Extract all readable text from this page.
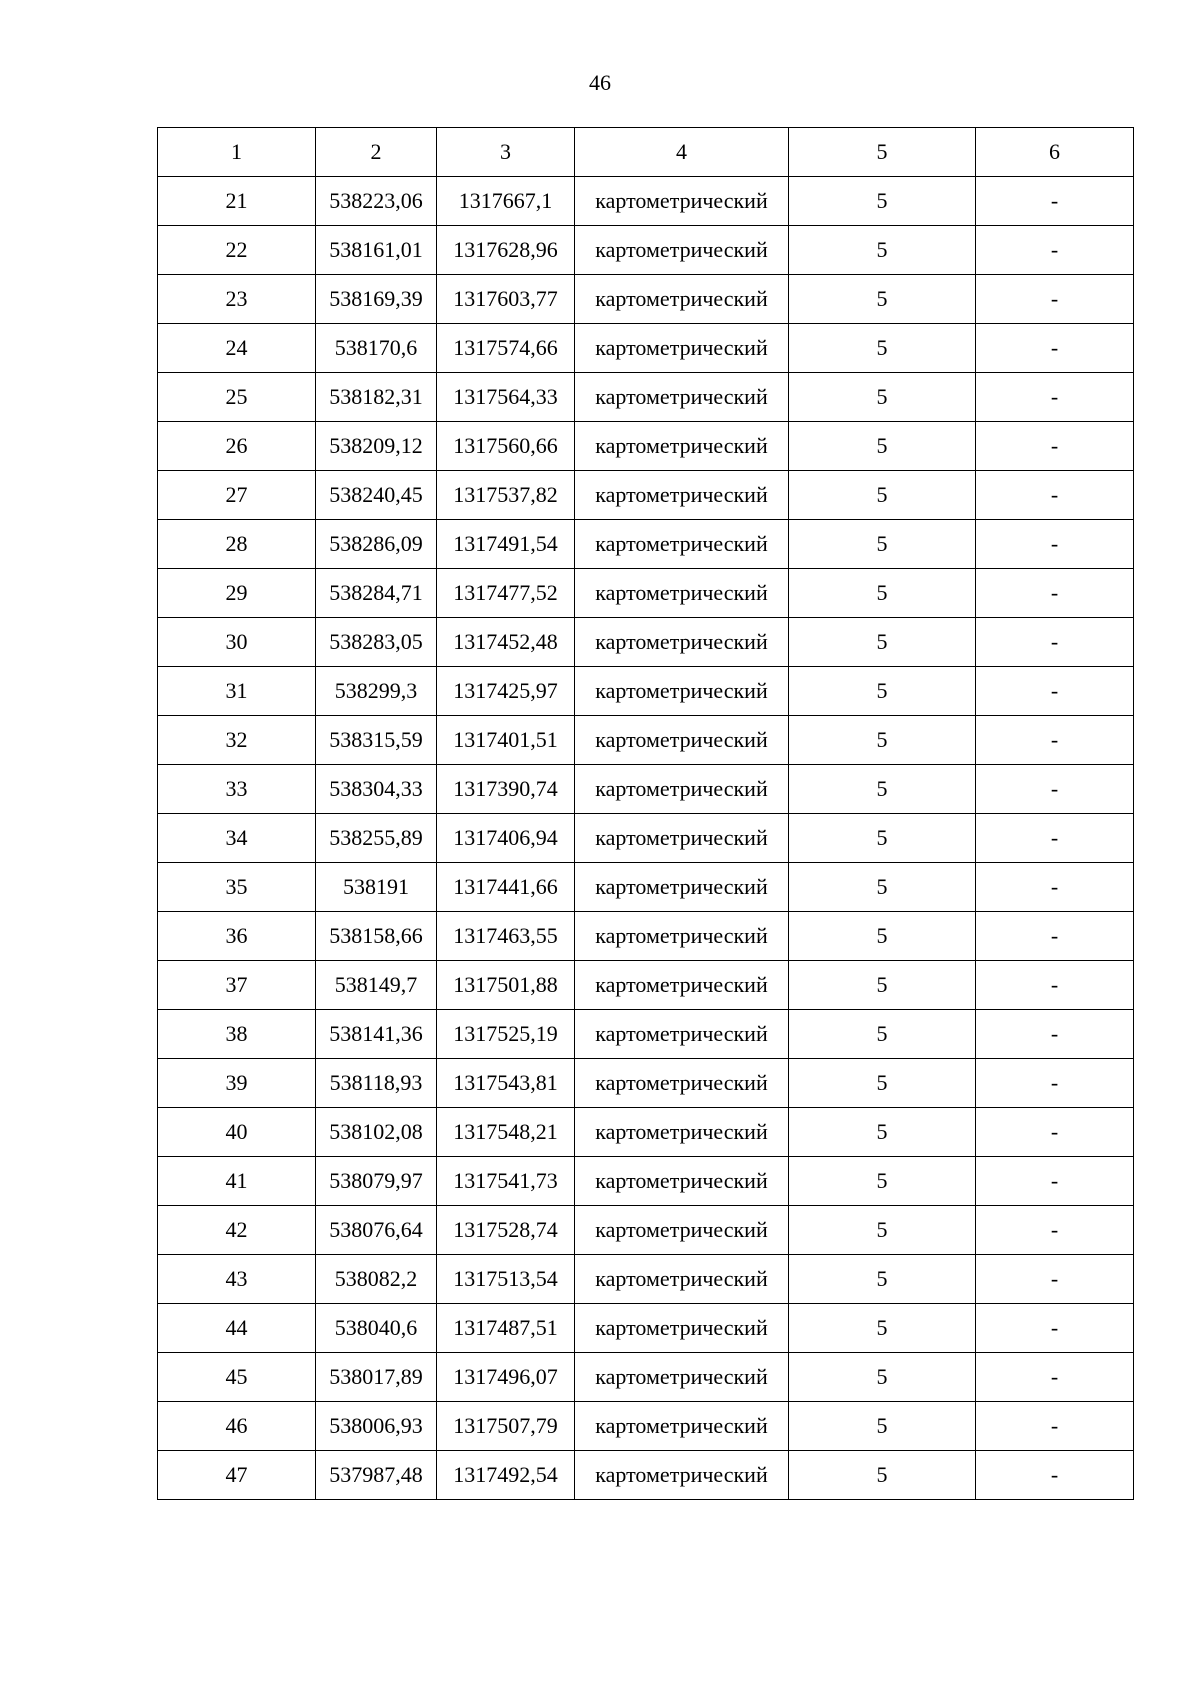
46
1	2	3	4	5	6
21	538223,06	1317667,1	картометрический	5	-
22	538161,01	1317628,96	картометрический	5	-
23	538169,39	1317603,77	картометрический	5	-
24	538170,6	1317574,66	картометрический	5	-
25	538182,31	1317564,33	картометрический	5	-
26	538209,12	1317560,66	картометрический	5	-
27	538240,45	1317537,82	картометрический	5	-
28	538286,09	1317491,54	картометрический	5	-
29	538284,71	1317477,52	картометрический	5	-
30	538283,05	1317452,48	картометрический	5	-
31	538299,3	1317425,97	картометрический	5	-
32	538315,59	1317401,51	картометрический	5	-
33	538304,33	1317390,74	картометрический	5	-
34	538255,89	1317406,94	картометрический	5	-
35	538191	1317441,66	картометрический	5	-
36	538158,66	1317463,55	картометрический	5	-
37	538149,7	1317501,88	картометрический	5	-
38	538141,36	1317525,19	картометрический	5	-
39	538118,93	1317543,81	картометрический	5	-
40	538102,08	1317548,21	картометрический	5	-
41	538079,97	1317541,73	картометрический	5	-
42	538076,64	1317528,74	картометрический	5	-
43	538082,2	1317513,54	картометрический	5	-
44	538040,6	1317487,51	картометрический	5	-
45	538017,89	1317496,07	картометрический	5	-
46	538006,93	1317507,79	картометрический	5	-
47	537987,48	1317492,54	картометрический	5	-
